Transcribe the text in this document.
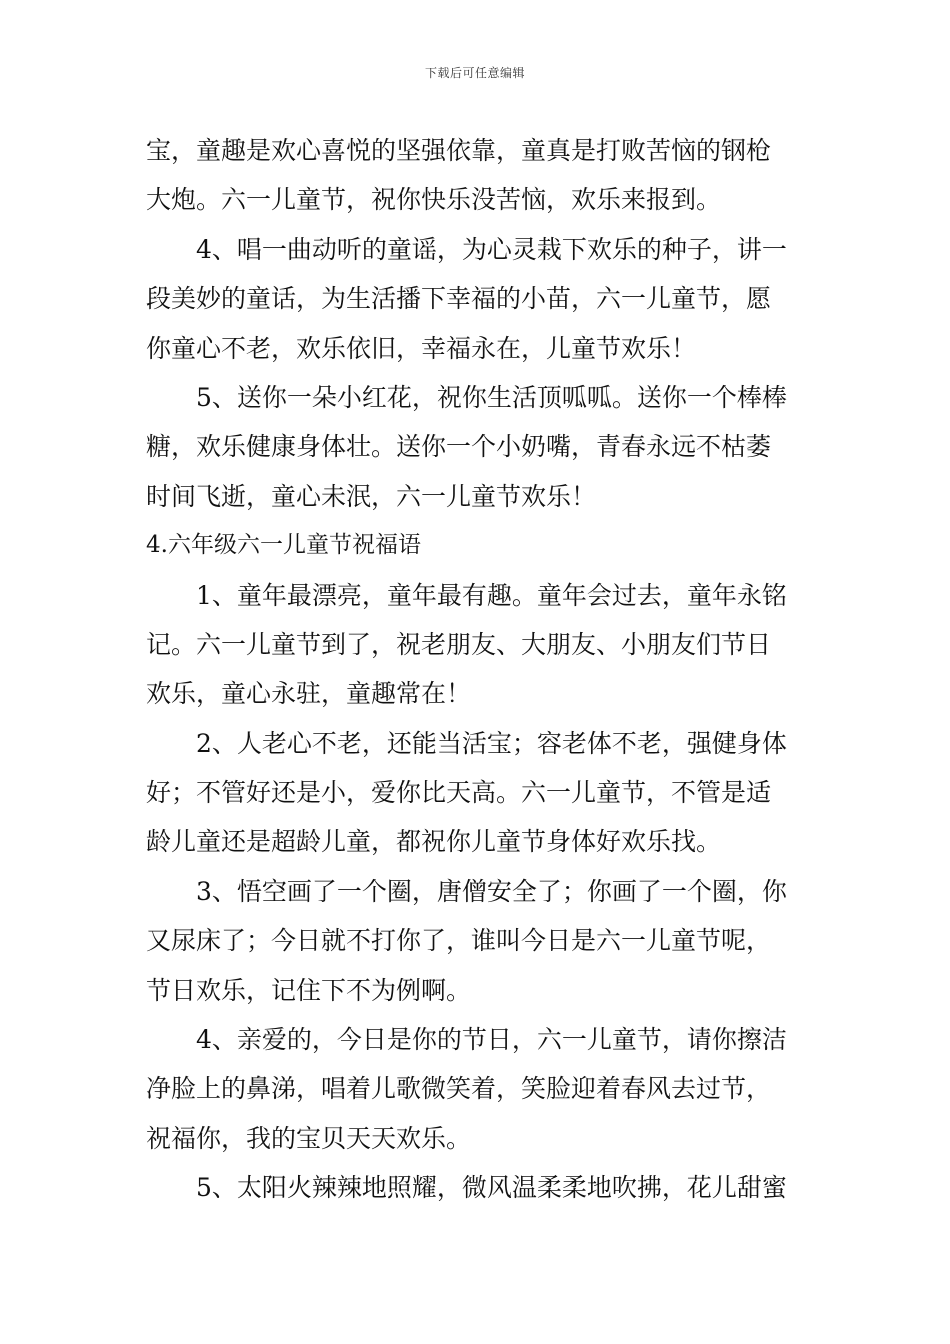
下载后可任意编辑
宝，童趣是欢心喜悦的坚强依靠，童真是打败苦恼的钢枪
大炮。六一儿童节，祝你快乐没苦恼，欢乐来报到。
4、唱一曲动听的童谣，为心灵栽下欢乐的种子，讲一
段美妙的童话，为生活播下幸福的小苗，六一儿童节，愿
你童心不老，欢乐依旧，幸福永在，儿童节欢乐！
5、送你一朵小红花，祝你生活顶呱呱。送你一个棒棒
糖，欢乐健康身体壮。送你一个小奶嘴，青春永远不枯萎
时间飞逝，童心未泯，六一儿童节欢乐！
4.六年级六一儿童节祝福语
1、童年最漂亮，童年最有趣。童年会过去，童年永铭
记。六一儿童节到了，祝老朋友、大朋友、小朋友们节日
欢乐，童心永驻，童趣常在！
2、人老心不老，还能当活宝；容老体不老，强健身体
好；不管好还是小，爱你比天高。六一儿童节，不管是适
龄儿童还是超龄儿童，都祝你儿童节身体好欢乐找。
3、悟空画了一个圈，唐僧安全了；你画了一个圈，你
又尿床了；今日就不打你了，谁叫今日是六一儿童节呢，
节日欢乐，记住下不为例啊。
4、亲爱的，今日是你的节日，六一儿童节，请你擦洁
净脸上的鼻涕，唱着儿歌微笑着，笑脸迎着春风去过节，
祝福你，我的宝贝天天欢乐。
5、太阳火辣辣地照耀，微风温柔柔地吹拂，花儿甜蜜
